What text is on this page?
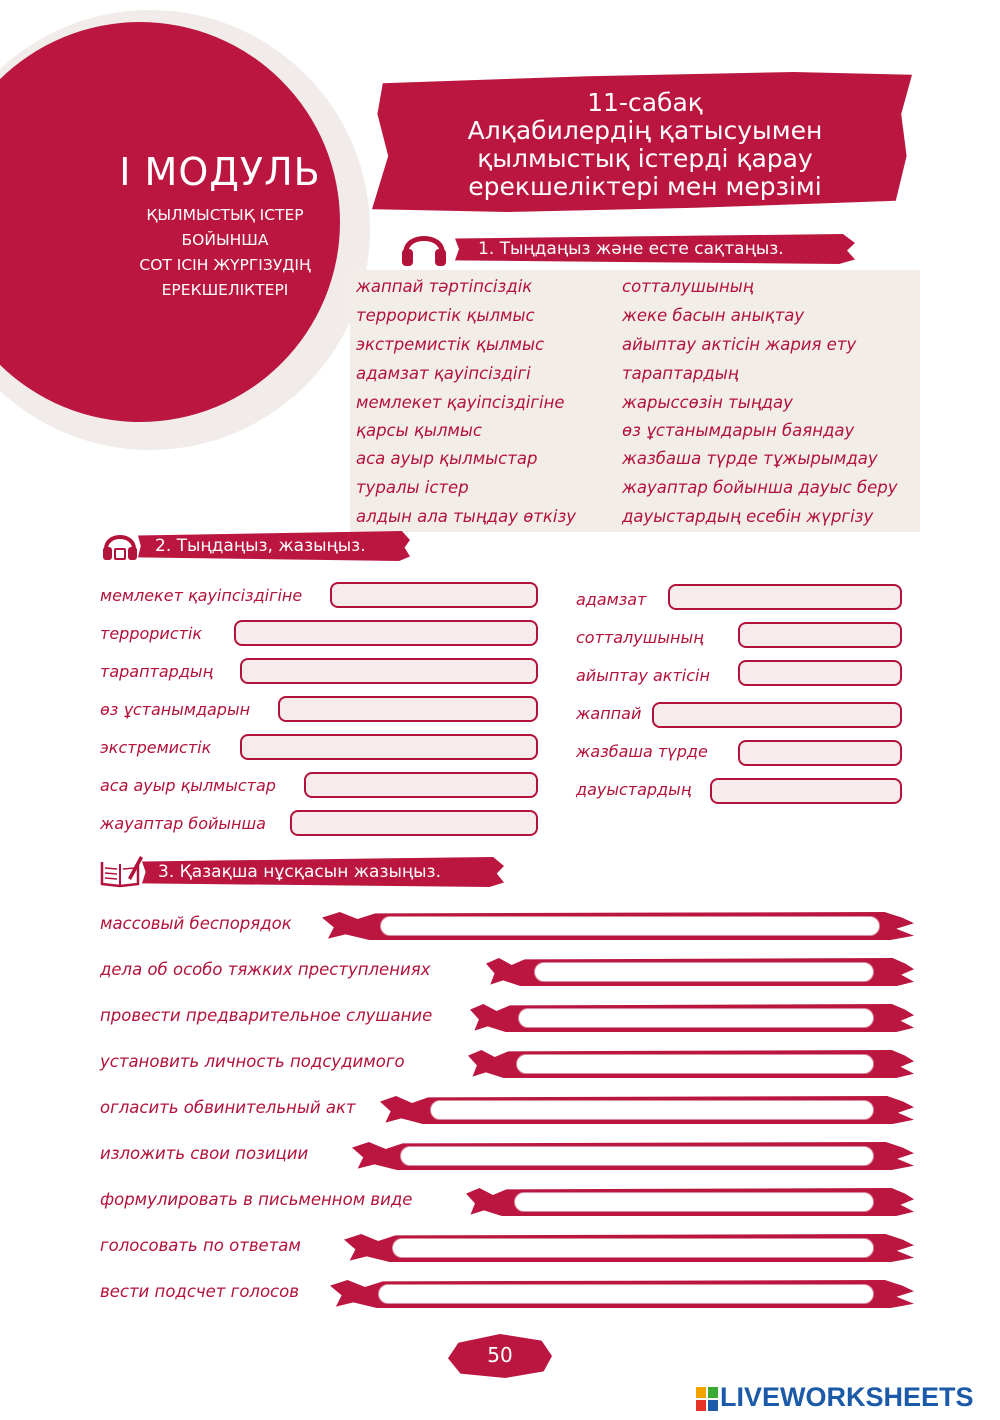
I МОДУЛЬ
ҚЫЛМЫСТЫҚ ІСТЕР
БОЙЫНША
СОТ ІСІН ЖҮРГІЗУДІҢ
ЕРЕКШЕЛІКТЕРІ
11-сабақ
Алқабилердің қатысуымен
қылмыстық істерді қарау
ерекшеліктері мен мерзімі
1. Тыңдаңыз және есте сақтаңыз.
жаппай тәртіпсіздік
террористік қылмыс
экстремистік қылмыс
адамзат қауіпсіздігі
мемлекет қауіпсіздігіне
қарсы қылмыс
аса ауыр қылмыстар
туралы істер
алдын ала тыңдау өткізу
сотталушының
жеке басын анықтау
айыптау актісін жария ету
тараптардың
жарыссөзін тыңдау
өз ұстанымдарын баяндау
жазбаша түрде тұжырымдау
жауаптар бойынша дауыс беру
дауыстардың есебін жүргізу
2. Тыңдаңыз, жазыңыз.
мемлекет қауіпсіздігіне
террористік
тараптардың
өз ұстанымдарын
экстремистік
аса ауыр қылмыстар
жауаптар бойынша
адамзат
сотталушының
айыптау актісін
жаппай
жазбаша түрде
дауыстардың
3. Қазақша нұсқасын жазыңыз.
массовый беспорядок
дела об особо тяжких преступлениях
провести предварительное слушание
установить личность подсудимого
огласить обвинительный акт
изложить свои позиции
формулировать в письменном виде
голосовать по ответам
вести подсчет голосов
50
LIVEWORKSHEETS
